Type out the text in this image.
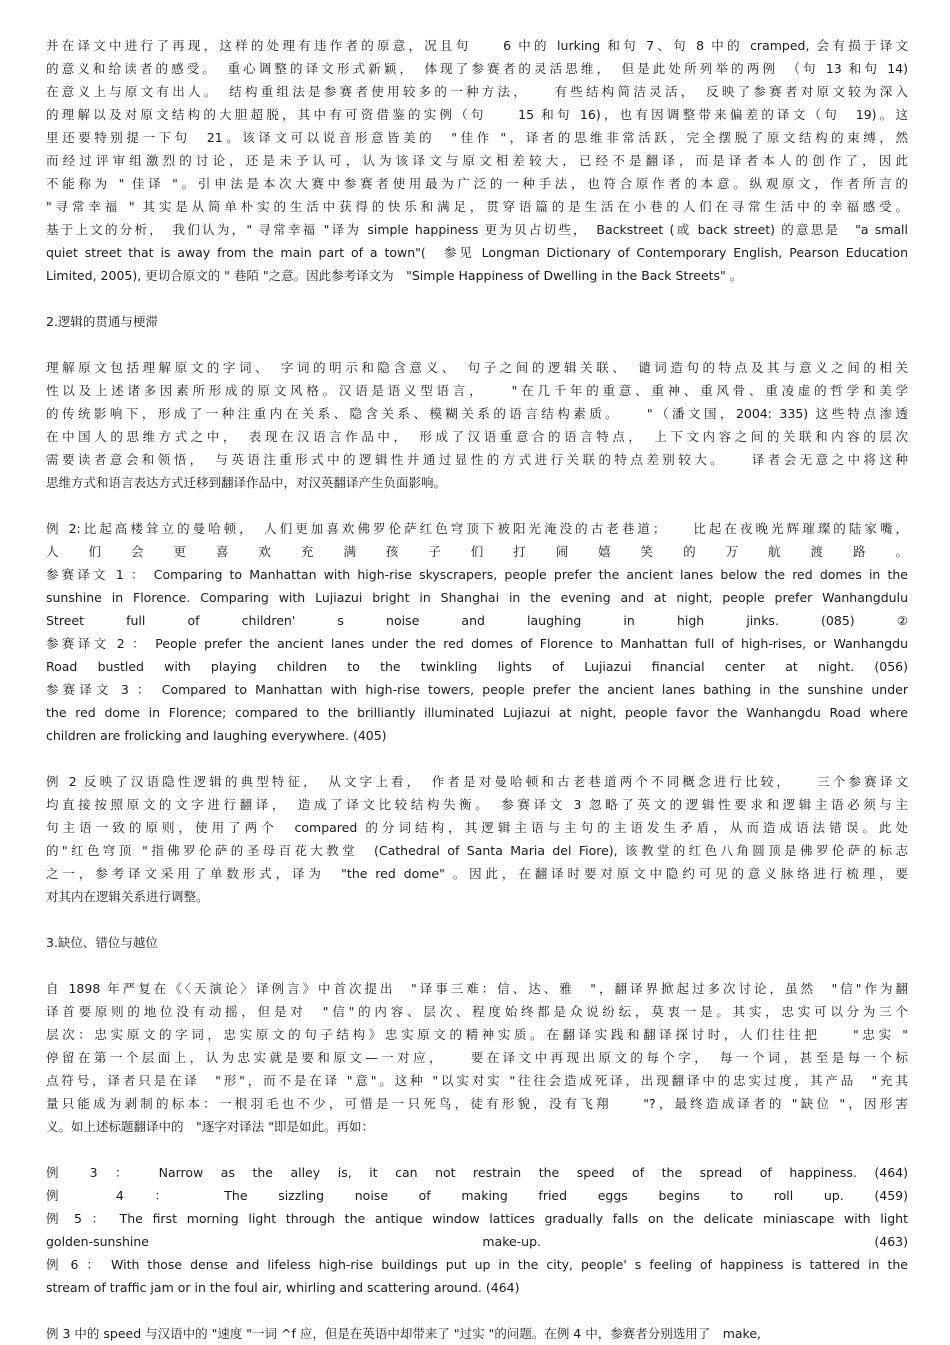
并在译文中进行了再现，这样的处理有违作者的原意，况且句　　6 中的 lurking 和句 7、句 8 中的 cramped, 会有损于译文
的意义和给读者的感受。　重心调整的译文形式新颖，　体现了参赛者的灵活思维，　但是此处所列举的两例　（句 13 和句 14)
在意义上与原文有出人。　结构重组法是参赛者使用较多的一种方法，　　有些结构简洁灵活，　反映了参赛者对原文较为深入
的理解以及对原文结构的大胆超脱，其中有可资借鉴的实例（句　　15 和句 16)，也有因调整带来偏差的译文（句　19)。这
里还要特别提一下句　21。该译文可以说音形意皆美的　"佳作 "，译者的思维非常活跃，完全摆脱了原文结构的束缚，然
而经过评审组激烈的讨论，还是未予认可，认为该译文与原文相差较大，已经不是翻译，而是译者本人的创作了，因此
不能称为 " 佳译 "。引申法是本次大赛中参赛者使用最为广泛的一种手法，也符合原作者的本意。纵观原文，作者所言的
"寻常幸福 " 其实是从简单朴实的生活中获得的快乐和满足，贯穿语篇的是生活在小巷的人们在寻常生活中的幸福感受。
基于上文的分析，　我们认为，" 寻常幸福 "译为 simple happiness 更为贝占切些，　Backstreet (或 back street) 的意思是　"a small
quiet street that is away from the main part of a town"(　参见 Longman Dictionary of Contemporary English, Pearson Education
Limited, 2005), 更切合原文的 " 巷陌 "之意。因此参考译文为　"Simple Happiness of Dwelling in the Back Streets" 。
2.逻辑的贯通与梗滞
理解原文包括理解原文的字词、　字词的明示和隐含意义、　句子之间的逻辑关联、　谴词造句的特点及其与意义之间的相关
性以及上述诸多因素所形成的原文风格。汉语是语义型语言，　　"在几千年的重意、重神、重风骨、重凌虚的哲学和美学
的传统影响下，形成了一种注重内在关系、隐含关系、模糊关系的语言结构素质。　　"（潘文国，2004: 335) 这些特点渗透
在中国人的思维方式之中，　表现在汉语言作品中，　形成了汉语重意合的语言特点，　上下文内容之间的关联和内容的层次
需要读者意会和领悟，　与英语注重形式中的逻辑性并通过显性的方式进行关联的特点差别较大。　　译者会无意之中将这种
思维方式和语言表达方式迁移到翻译作品中，对汉英翻译产生负面影响。
例 2:比起高楼耸立的曼哈顿，　人们更加喜欢佛罗伦萨红色穹顶下被阳光淹没的古老巷道；　　比起在夜晚光辉璀璨的陆家嘴，
人们会更喜欢充满孩子们打闹嬉笑的万航渡路。
参赛译文 1 ： Comparing to Manhattan with high-rise skyscrapers, people prefer the ancient lanes below the red domes in the
sunshine in Florence. Comparing with Lujiazui bright in Shanghai in the evening and at night, people prefer Wanhangdulu
Street full of children' s noise and laughing in high jinks. (085) ②
参赛译文 2 ： People prefer the ancient lanes under the red domes of Florence to Manhattan full of high-rises, or Wanhangdu
Road bustled with playing children to the twinkling lights of Lujiazui financial center at night. (056)
参赛译文 3 ： Compared to Manhattan with high-rise towers, people prefer the ancient lanes bathing in the sunshine under
the red dome in Florence; compared to the brilliantly illuminated Lujiazui at night, people favor the Wanhangdu Road where
children are frolicking and laughing everywhere. (405)
例 2 反映了汉语隐性逻辑的典型特征，　从文字上看，　作者是对曼哈顿和古老巷道两个不同概念进行比较，　　三个参赛译文
均直接按照原文的文字进行翻译，　造成了译文比较结构失衡。　参赛译文 3 忽略了英文的逻辑性要求和逻辑主语必须与主
句主语一致的原则，使用了两个　compared 的分词结构，其逻辑主语与主句的主语发生矛盾，从而造成语法错误。此处
的"红色穹顶 "指佛罗伦萨的圣母百花大教堂　(Cathedral of Santa Maria del Fiore), 该教堂的红色八角圆顶是佛罗伦萨的标志
之一，参考译文采用了单数形式，译为　"the red dome" 。因此，在翻译时要对原文中隐约可见的意义脉络进行梳理，要
对其内在逻辑关系进行调整。
3.缺位、错位与越位
自 1898 年严复在《〈天演论〉译例言》中首次提出　"译事三难：信、达、雅　"，翻译界掀起过多次讨论，虽然　"信"作为翻
译首要原则的地位没有动摇，但是对　"信"的内容、层次、程度始终都是众说纷纭，莫衷一是。其实，忠实可以分为三个
层次：忠实原文的字词，忠实原文的句子结构》忠实原文的精神实质。在翻译实践和翻译探讨时，人们往往把　　"忠实 "
停留在第一个层面上，认为忠实就是要和原文—一对应，　　要在译文中再现出原文的每个字，　每一个词，甚至是每一个标
点符号，译者只是在译　"形"，而不是在译 "意"。这种 "以实对实 "往往会造成死译，出现翻译中的忠实过度，其产品　"充其
量只能成为剥制的标本：一根羽毛也不少，可惜是一只死鸟，徒有形貌，没有飞翔　　"?，最终造成译者的 "缺位 "，因形害
义。如上述标题翻译中的　"逐字对译法 "即是如此。再如：
例 3 ： Narrow as the alley is, it can not restrain the speed of the spread of happiness. (464)
例 4 ： The sizzling noise of making fried eggs begins to roll up. (459)
例 5 ： The first morning light through the antique window lattices gradually falls on the delicate miniascape with light
golden-sunshine make-up. (463)
例 6 ： With those dense and lifeless high-rise buildings put up in the city, people' s feeling of happiness is tattered in the
stream of traffic jam or in the foul air, whirling and scattering around. (464)
例 3 中的 speed 与汉语中的 "速度 "一词 ^f 应，但是在英语中却带来了 "过实 "的问题。在例 4 中，参赛者分别选用了　make,
